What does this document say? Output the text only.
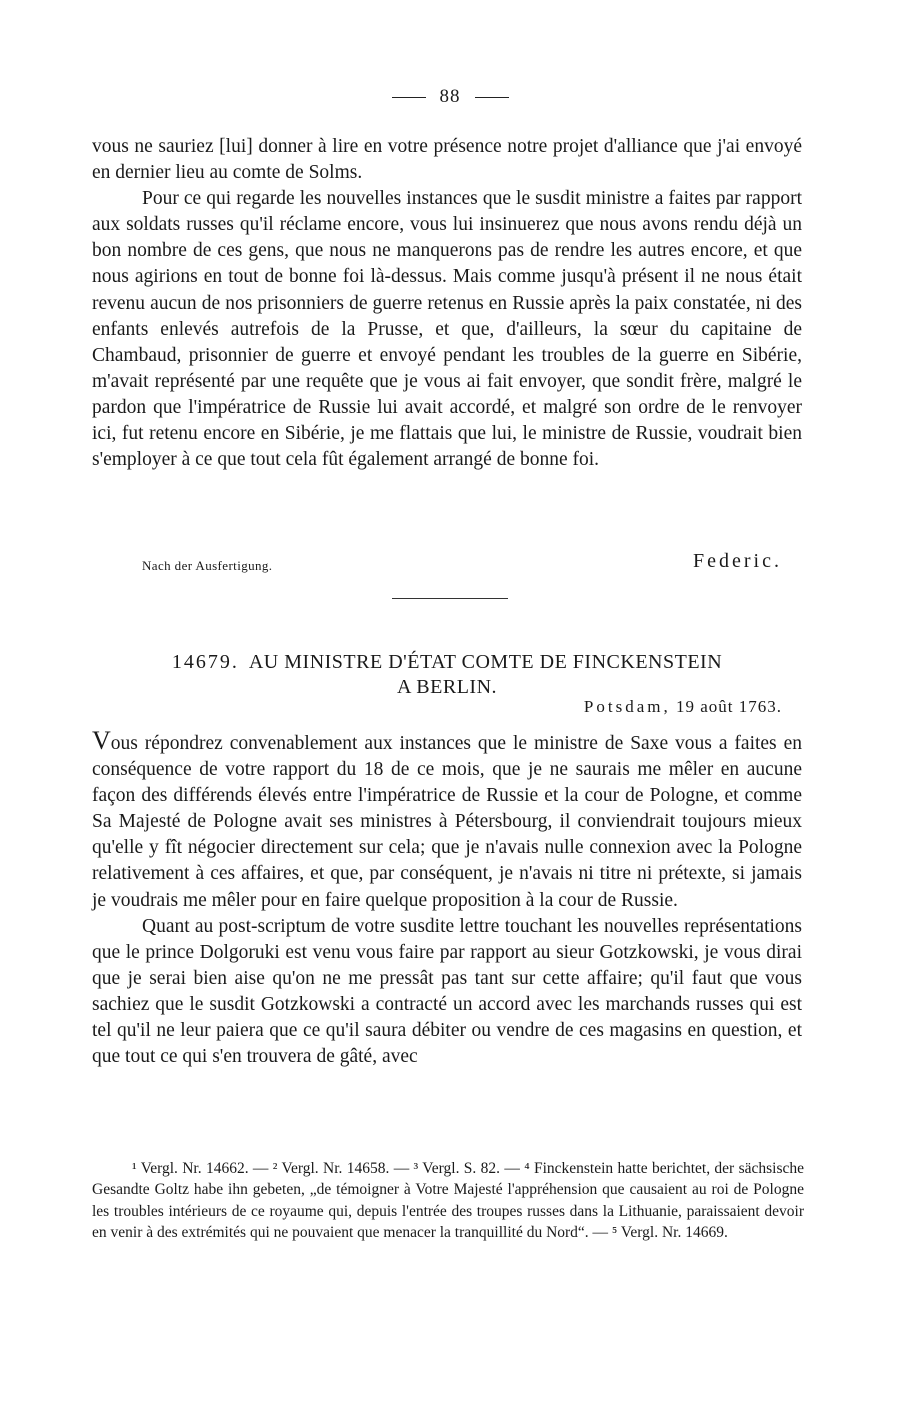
88

vous ne sauriez [lui] donner à lire en votre présence notre projet d'alliance que j'ai envoyé en dernier lieu au comte de Solms.

Pour ce qui regarde les nouvelles instances que le susdit ministre a faites par rapport aux soldats russes qu'il réclame encore, vous lui insinuerez que nous avons rendu déjà un bon nombre de ces gens, que nous ne manquerons pas de rendre les autres encore, et que nous agirions en tout de bonne foi là-dessus. Mais comme jusqu'à présent il ne nous était revenu aucun de nos prisonniers de guerre retenus en Russie après la paix constatée, ni des enfants enlevés autrefois de la Prusse, et que, d'ailleurs, la sœur du capitaine de Chambaud, prisonnier de guerre et envoyé pendant les troubles de la guerre en Sibérie, m'avait représenté par une requête que je vous ai fait envoyer, que sondit frère, malgré le pardon que l'impératrice de Russie lui avait accordé, et malgré son ordre de le renvoyer ici, fut retenu encore en Sibérie, je me flattais que lui, le ministre de Russie, voudrait bien s'employer à ce que tout cela fût également arrangé de bonne foi.

Nach der Ausfertigung.	Federic.
14679. AU MINISTRE D'ÉTAT COMTE DE FINCKENSTEIN
A BERLIN.
Potsdam, 19 août 1763.

Vous répondrez convenablement aux instances que le ministre de Saxe vous a faites en conséquence de votre rapport du 18 de ce mois, que je ne saurais me mêler en aucune façon des différends élevés entre l'impératrice de Russie et la cour de Pologne, et comme Sa Majesté de Pologne avait ses ministres à Pétersbourg, il conviendrait toujours mieux qu'elle y fît négocier directement sur cela; que je n'avais nulle connexion avec la Pologne relativement à ces affaires, et que, par conséquent, je n'avais ni titre ni prétexte, si jamais je voudrais me mêler pour en faire quelque proposition à la cour de Russie.

Quant au post-scriptum de votre susdite lettre touchant les nouvelles représentations que le prince Dolgoruki est venu vous faire par rapport au sieur Gotzkowski, je vous dirai que je serai bien aise qu'on ne me pressât pas tant sur cette affaire; qu'il faut que vous sachiez que le susdit Gotzkowski a contracté un accord avec les marchands russes qui est tel qu'il ne leur paiera que ce qu'il saura débiter ou vendre de ces magasins en question, et que tout ce qui s'en trouvera de gâté, avec

¹ Vergl. Nr. 14662. — ² Vergl. Nr. 14658. — ³ Vergl. S. 82. — ⁴ Finckenstein hatte berichtet, der sächsische Gesandte Goltz habe ihn gebeten, „de témoigner à Votre Majesté l'appréhension que causaient au roi de Pologne les troubles intérieurs de ce royaume qui, depuis l'entrée des troupes russes dans la Lithuanie, paraissaient devoir en venir à des extrémités qui ne pouvaient que menacer la tranquillité du Nord“. — ⁵ Vergl. Nr. 14669.
